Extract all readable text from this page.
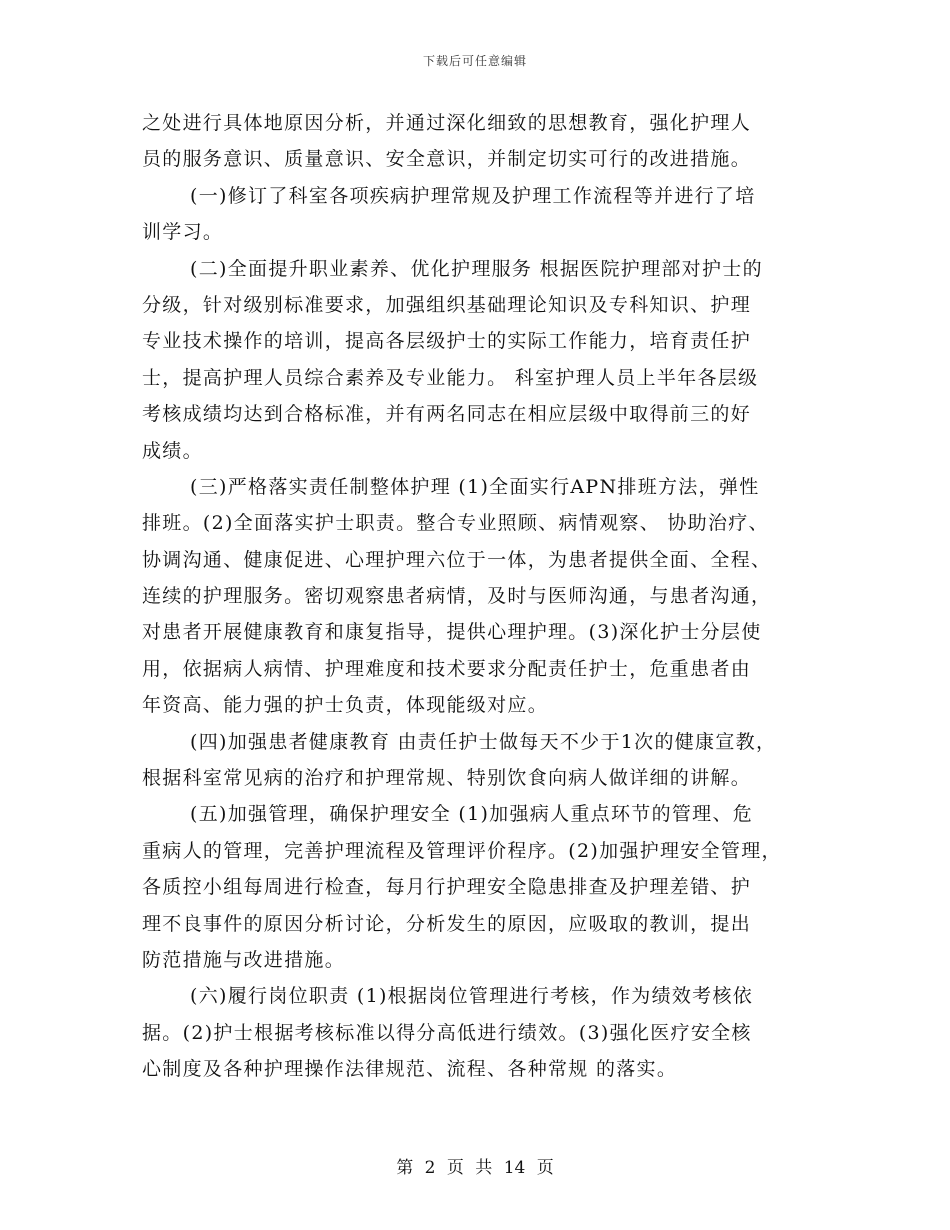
下载后可任意编辑
之处进行具体地原因分析，并通过深化细致的思想教育，强化护理人
员的服务意识、质量意识、安全意识，并制定切实可行的改进措施。
(一)修订了科室各项疾病护理常规及护理工作流程等并进行了培
训学习。
(二)全面提升职业素养、优化护理服务 根据医院护理部对护士的
分级，针对级别标准要求，加强组织基础理论知识及专科知识、护理
专业技术操作的培训，提高各层级护士的实际工作能力，培育责任护
士，提高护理人员综合素养及专业能力。 科室护理人员上半年各层级
考核成绩均达到合格标准，并有两名同志在相应层级中取得前三的好
成绩。
(三)严格落实责任制整体护理 (1)全面实行APN排班方法，弹性
排班。(2)全面落实护士职责。整合专业照顾、病情观察、 协助治疗、
协调沟通、健康促进、心理护理六位于一体，为患者提供全面、全程、
连续的护理服务。密切观察患者病情，及时与医师沟通，与患者沟通，
对患者开展健康教育和康复指导，提供心理护理。(3)深化护士分层使
用，依据病人病情、护理难度和技术要求分配责任护士，危重患者由
年资高、能力强的护士负责，体现能级对应。
(四)加强患者健康教育 由责任护士做每天不少于1次的健康宣教，
根据科室常见病的治疗和护理常规、特别饮食向病人做详细的讲解。
(五)加强管理，确保护理安全 (1)加强病人重点环节的管理、危
重病人的管理，完善护理流程及管理评价程序。(2)加强护理安全管理，
各质控小组每周进行检查，每月行护理安全隐患排查及护理差错、护
理不良事件的原因分析讨论，分析发生的原因，应吸取的教训，提出
防范措施与改进措施。
(六)履行岗位职责 (1)根据岗位管理进行考核，作为绩效考核依
据。(2)护士根据考核标准以得分高低进行绩效。(3)强化医疗安全核
心制度及各种护理操作法律规范、流程、各种常规 的落实。
第 2 页 共 14 页
